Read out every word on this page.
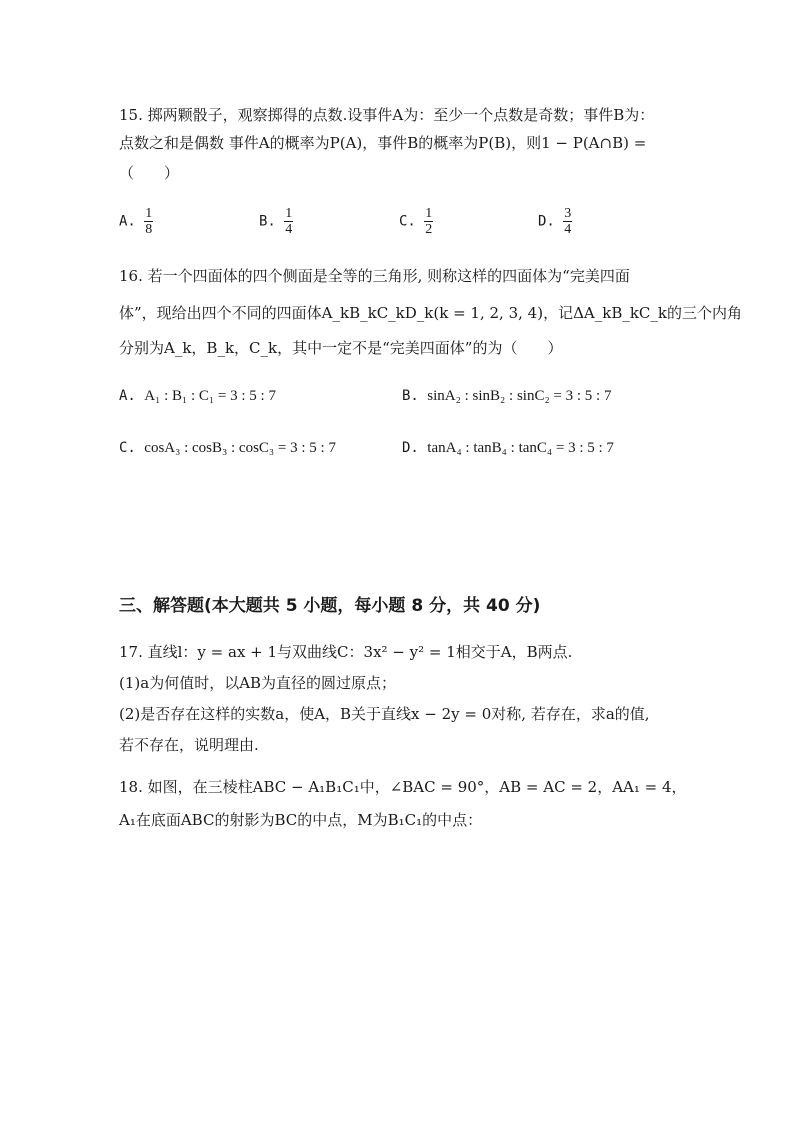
15. 掷两颗骰子，观察掷得的点数.设事件A为：至少一个点数是奇数；事件B为：
点数之和是偶数 事件A的概率为P(A)，事件B的概率为P(B)，则1 − P(A∩B) =
（　　）
A. $\frac{1}{8}$	B. $\frac{1}{4}$	C. $\frac{1}{2}$	D. $\frac{3}{4}$
16. 若一个四面体的四个侧面是全等的三角形, 则称这样的四面体为“完美四面
体”，现给出四个不同的四面体A_kB_kC_kD_k(k = 1, 2, 3, 4)，记ΔA_kB_kC_k的三个内角
分别为A_k，B_k，C_k，其中一定不是“完美四面体”的为（　　）
A. A₁ : B₁ : C₁ = 3 : 5 : 7	B. sinA₂ : sinB₂ : sinC₂ = 3 : 5 : 7
C. cosA₃ : cosB₃ : cosC₃ = 3 : 5 : 7	D. tanA₄ : tanB₄ : tanC₄ = 3 : 5 : 7
三、解答题(本大题共 5 小题，每小题 8 分，共 40 分)
17. 直线l：y = ax + 1与双曲线C：3x² − y² = 1相交于A，B两点.
(1)a为何值时，以AB为直径的圆过原点；
(2)是否存在这样的实数a，使A，B关于直线x − 2y = 0对称, 若存在，求a的值,
若不存在，说明理由.
18. 如图，在三棱柱ABC − A₁B₁C₁中，∠BAC = 90°，AB = AC = 2，AA₁ = 4，
A₁在底面ABC的射影为BC的中点，M为B₁C₁的中点：
